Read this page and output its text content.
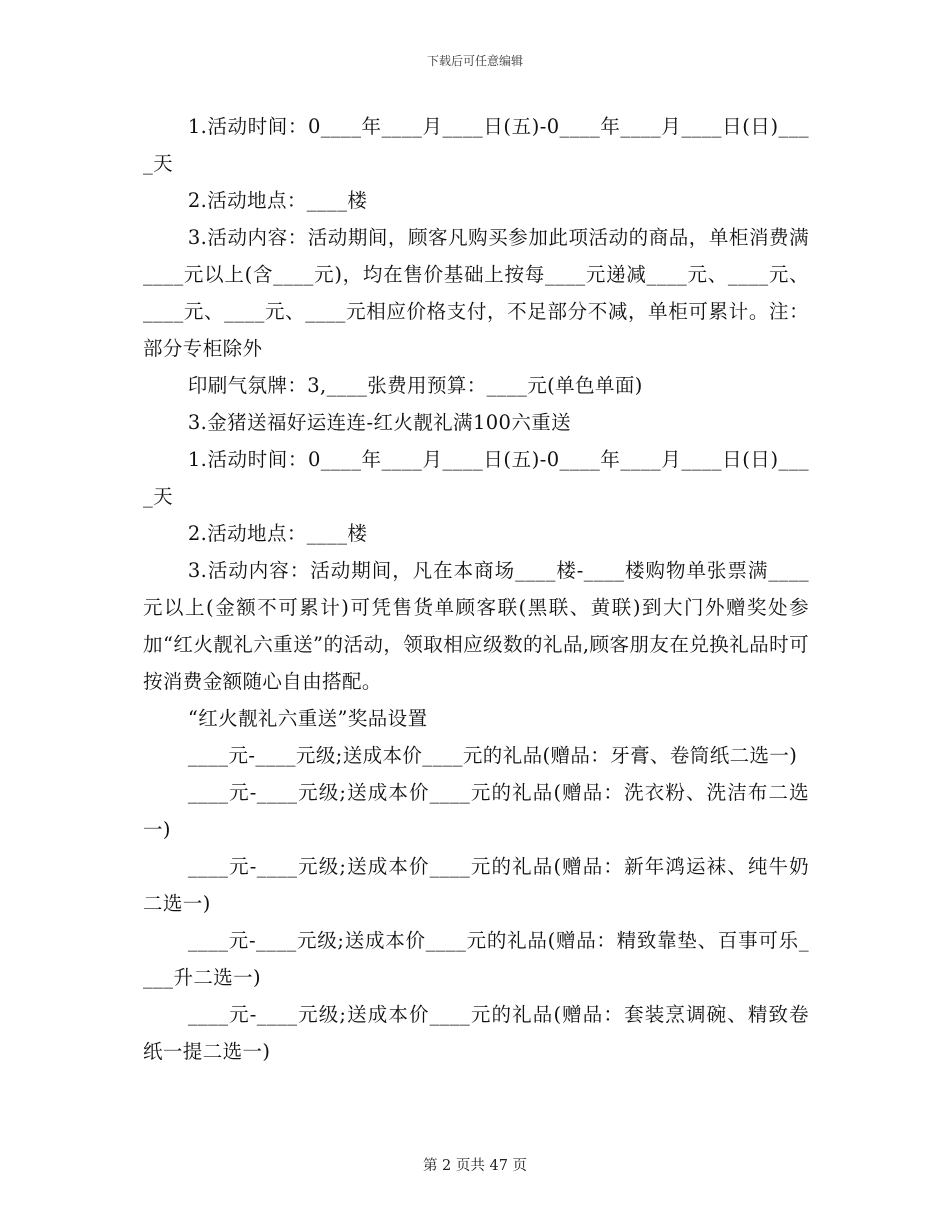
下载后可任意编辑

1.活动时间：0____年____月____日(五)-0____年____月____日(日)____天

2.活动地点：____楼

3.活动内容：活动期间，顾客凡购买参加此项活动的商品，单柜消费满____元以上(含____元)，均在售价基础上按每____元递减____元、____元、____元、____元、____元相应价格支付，不足部分不减，单柜可累计。注：部分专柜除外

印刷气氛牌：3,____张费用预算：____元(单色单面)

3.金猪送福好运连连-红火靓礼满100六重送

1.活动时间：0____年____月____日(五)-0____年____月____日(日)____天

2.活动地点：____楼

3.活动内容：活动期间，凡在本商场____楼-____楼购物单张票满____元以上(金额不可累计)可凭售货单顾客联(黑联、黄联)到大门外赠奖处参加“红火靓礼六重送”的活动，领取相应级数的礼品,顾客朋友在兑换礼品时可按消费金额随心自由搭配。

“红火靓礼六重送”奖品设置

____元-____元级;送成本价____元的礼品(赠品：牙膏、卷筒纸二选一)

____元-____元级;送成本价____元的礼品(赠品：洗衣粉、洗洁布二选一)

____元-____元级;送成本价____元的礼品(赠品：新年鸿运袜、纯牛奶二选一)

____元-____元级;送成本价____元的礼品(赠品：精致靠垫、百事可乐____升二选一)

____元-____元级;送成本价____元的礼品(赠品：套装烹调碗、精致卷纸一提二选一)

第 2 页共 47 页
